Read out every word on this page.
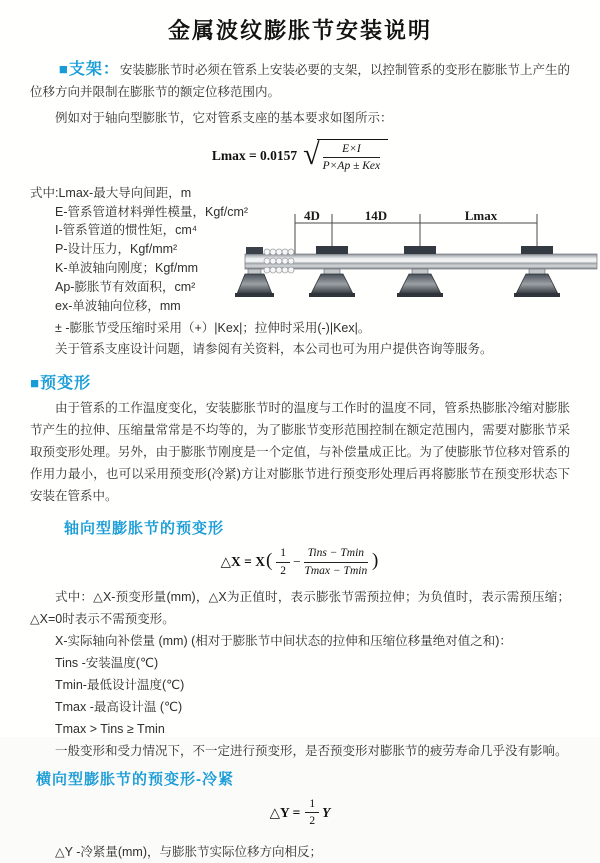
金属波纹膨胀节安装说明

■支架：安装膨胀节时必须在管系上安装必要的支架，以控制管系的变形在膨胀节上产生的位移方向并限制在膨胀节的额定位移范围内。

例如对于轴向型膨胀节，它对管系支座的基本要求如图所示：

Lmax = 0.0157 √ $\frac{E\times I}{\text{P×Ap ± Kex}}$
式中:Lmax-最大导向间距，m
E-管系管道材料弹性模量，Kgf/cm²
I-管系管道的惯性矩，cm⁴
P-设计压力，Kgf/mm²
K-单波轴向刚度；Kgf/mm
Ap-膨胀节有效面积，cm²
ex-单波轴向位移，mm
4D	14D	Lmax

± -膨胀节受压缩时采用（+）|Kex|；拉伸时采用(-)|Kex|。

关于管系支座设计问题，请参阅有关资料，本公司也可为用户提供咨询等服务。

■预变形

由于管系的工作温度变化，安装膨胀节时的温度与工作时的温度不同，管系热膨胀冷缩对膨胀节产生的拉伸、压缩量常常是不均等的，为了膨胀节变形范围控制在额定范围内，需要对膨胀节采取预变形处理。另外，由于膨胀节刚度是一个定值，与补偿量成正比。为了使膨胀节位移对管系的作用力最小，也可以采用预变形(冷紧)方让对膨胀节进行预变形处理后再将膨胀节在预变形状态下安装在管系中。

轴向型膨胀节的预变形

△X = X ( $\frac{1}{2} - \frac{\text{Tins − Tmin}}{Tmax - Tmin}$ )

式中：△X-预变形量(mm)，△X为正值时，表示膨张节需预拉伸；为负值时，表示需预压缩；△X=0时表示不需预变形。

X-实际轴向补偿量 (mm) (相对于膨胀节中间状态的拉伸和压缩位移量绝对值之和)：
Tins -安装温度(℃)
Tmin-最低设计温度(℃)
Tmax -最高设计温 (℃)
Tmax > Tins ≥ Tmin
一般变形和受力情况下，不一定进行预变形，是否预变形对膨胀节的疲劳寿命几乎没有影响。

横向型膨胀节的预变形-冷紧

△Y = $\frac{1}{2}$ Y

△Y -冷紧量(mm)，与膨胀节实际位移方向相反；
